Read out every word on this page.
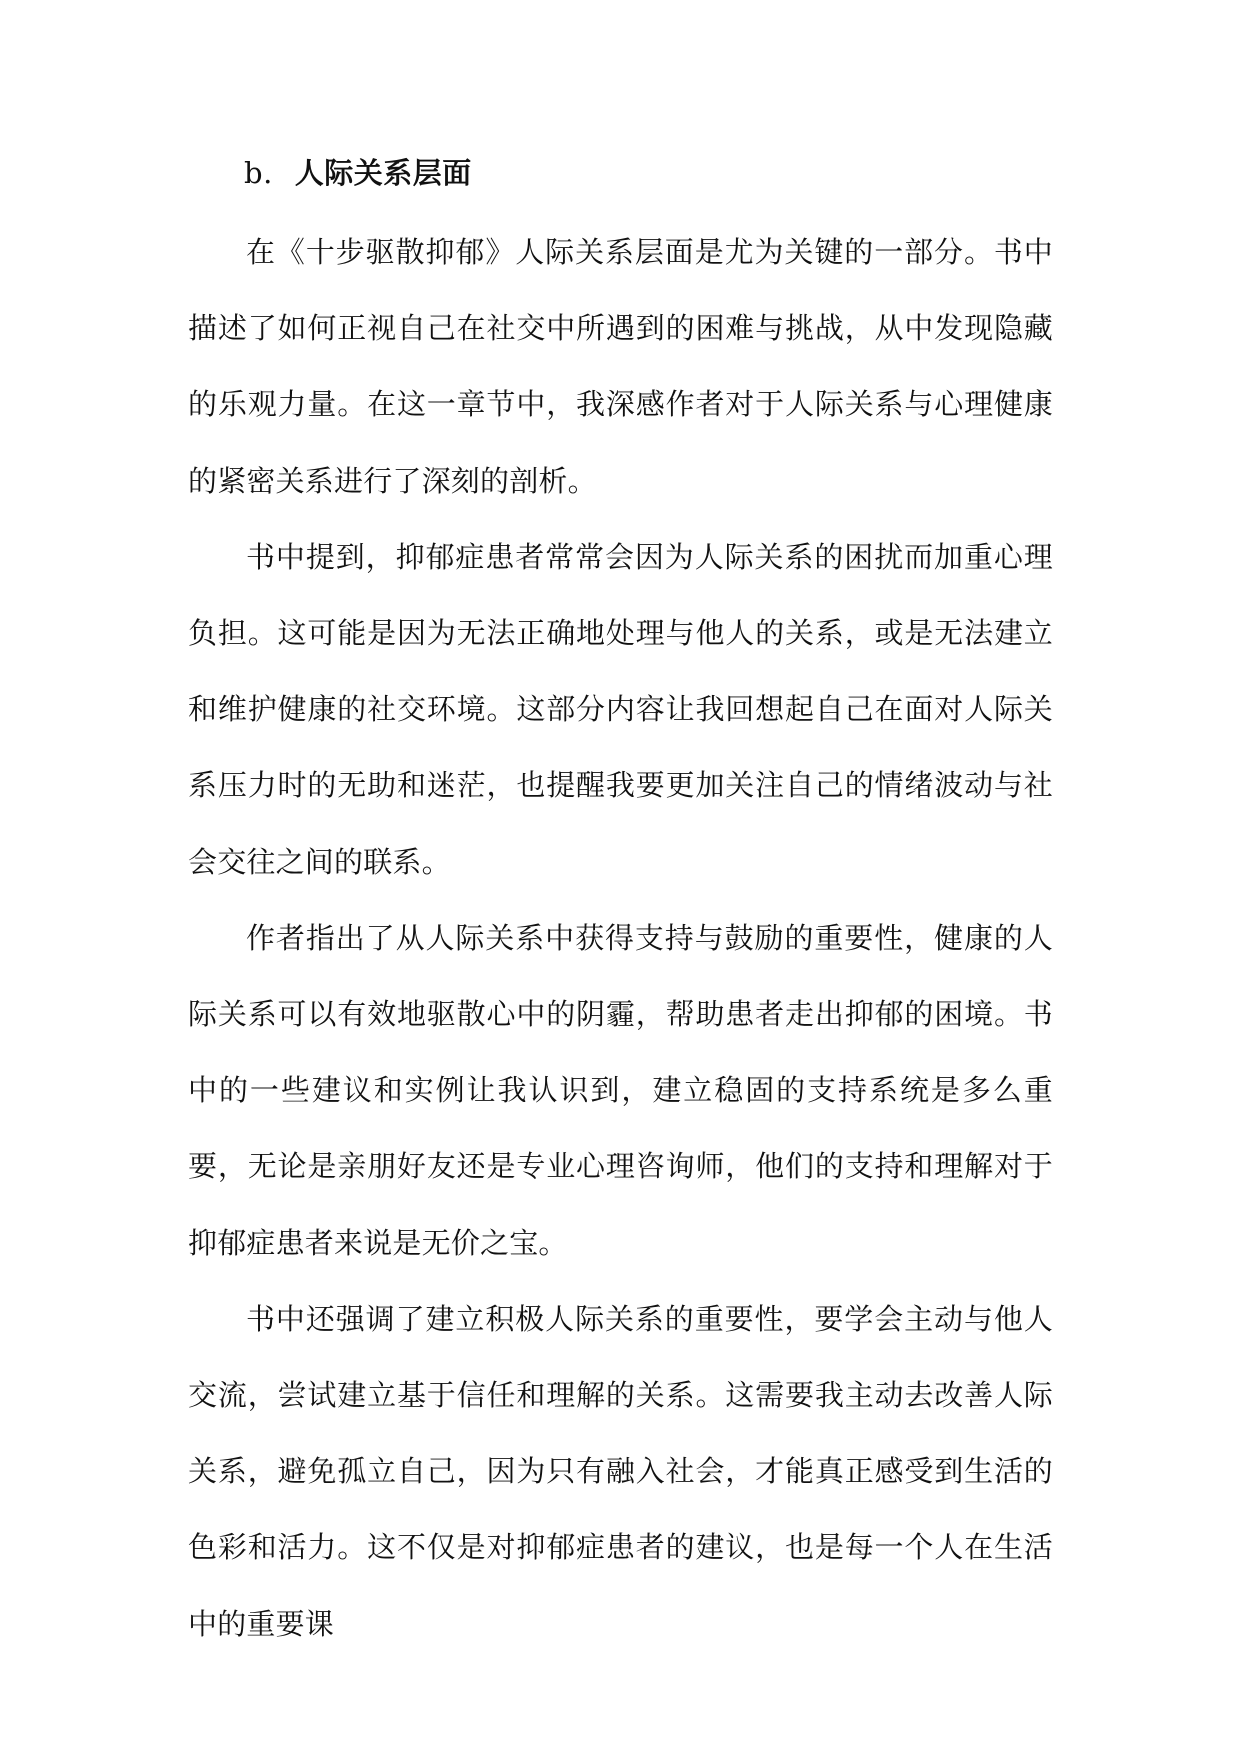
b. 人际关系层面

在《十步驱散抑郁》人际关系层面是尤为关键的一部分。书中描述了如何正视自己在社交中所遇到的困难与挑战，从中发现隐藏的乐观力量。在这一章节中，我深感作者对于人际关系与心理健康的紧密关系进行了深刻的剖析。

书中提到，抑郁症患者常常会因为人际关系的困扰而加重心理负担。这可能是因为无法正确地处理与他人的关系，或是无法建立和维护健康的社交环境。这部分内容让我回想起自己在面对人际关系压力时的无助和迷茫，也提醒我要更加关注自己的情绪波动与社会交往之间的联系。

作者指出了从人际关系中获得支持与鼓励的重要性，健康的人际关系可以有效地驱散心中的阴霾，帮助患者走出抑郁的困境。书中的一些建议和实例让我认识到，建立稳固的支持系统是多么重要，无论是亲朋好友还是专业心理咨询师，他们的支持和理解对于抑郁症患者来说是无价之宝。

书中还强调了建立积极人际关系的重要性，要学会主动与他人交流，尝试建立基于信任和理解的关系。这需要我主动去改善人际关系，避免孤立自己，因为只有融入社会，才能真正感受到生活的色彩和活力。这不仅是对抑郁症患者的建议，也是每一个人在生活中的重要课
